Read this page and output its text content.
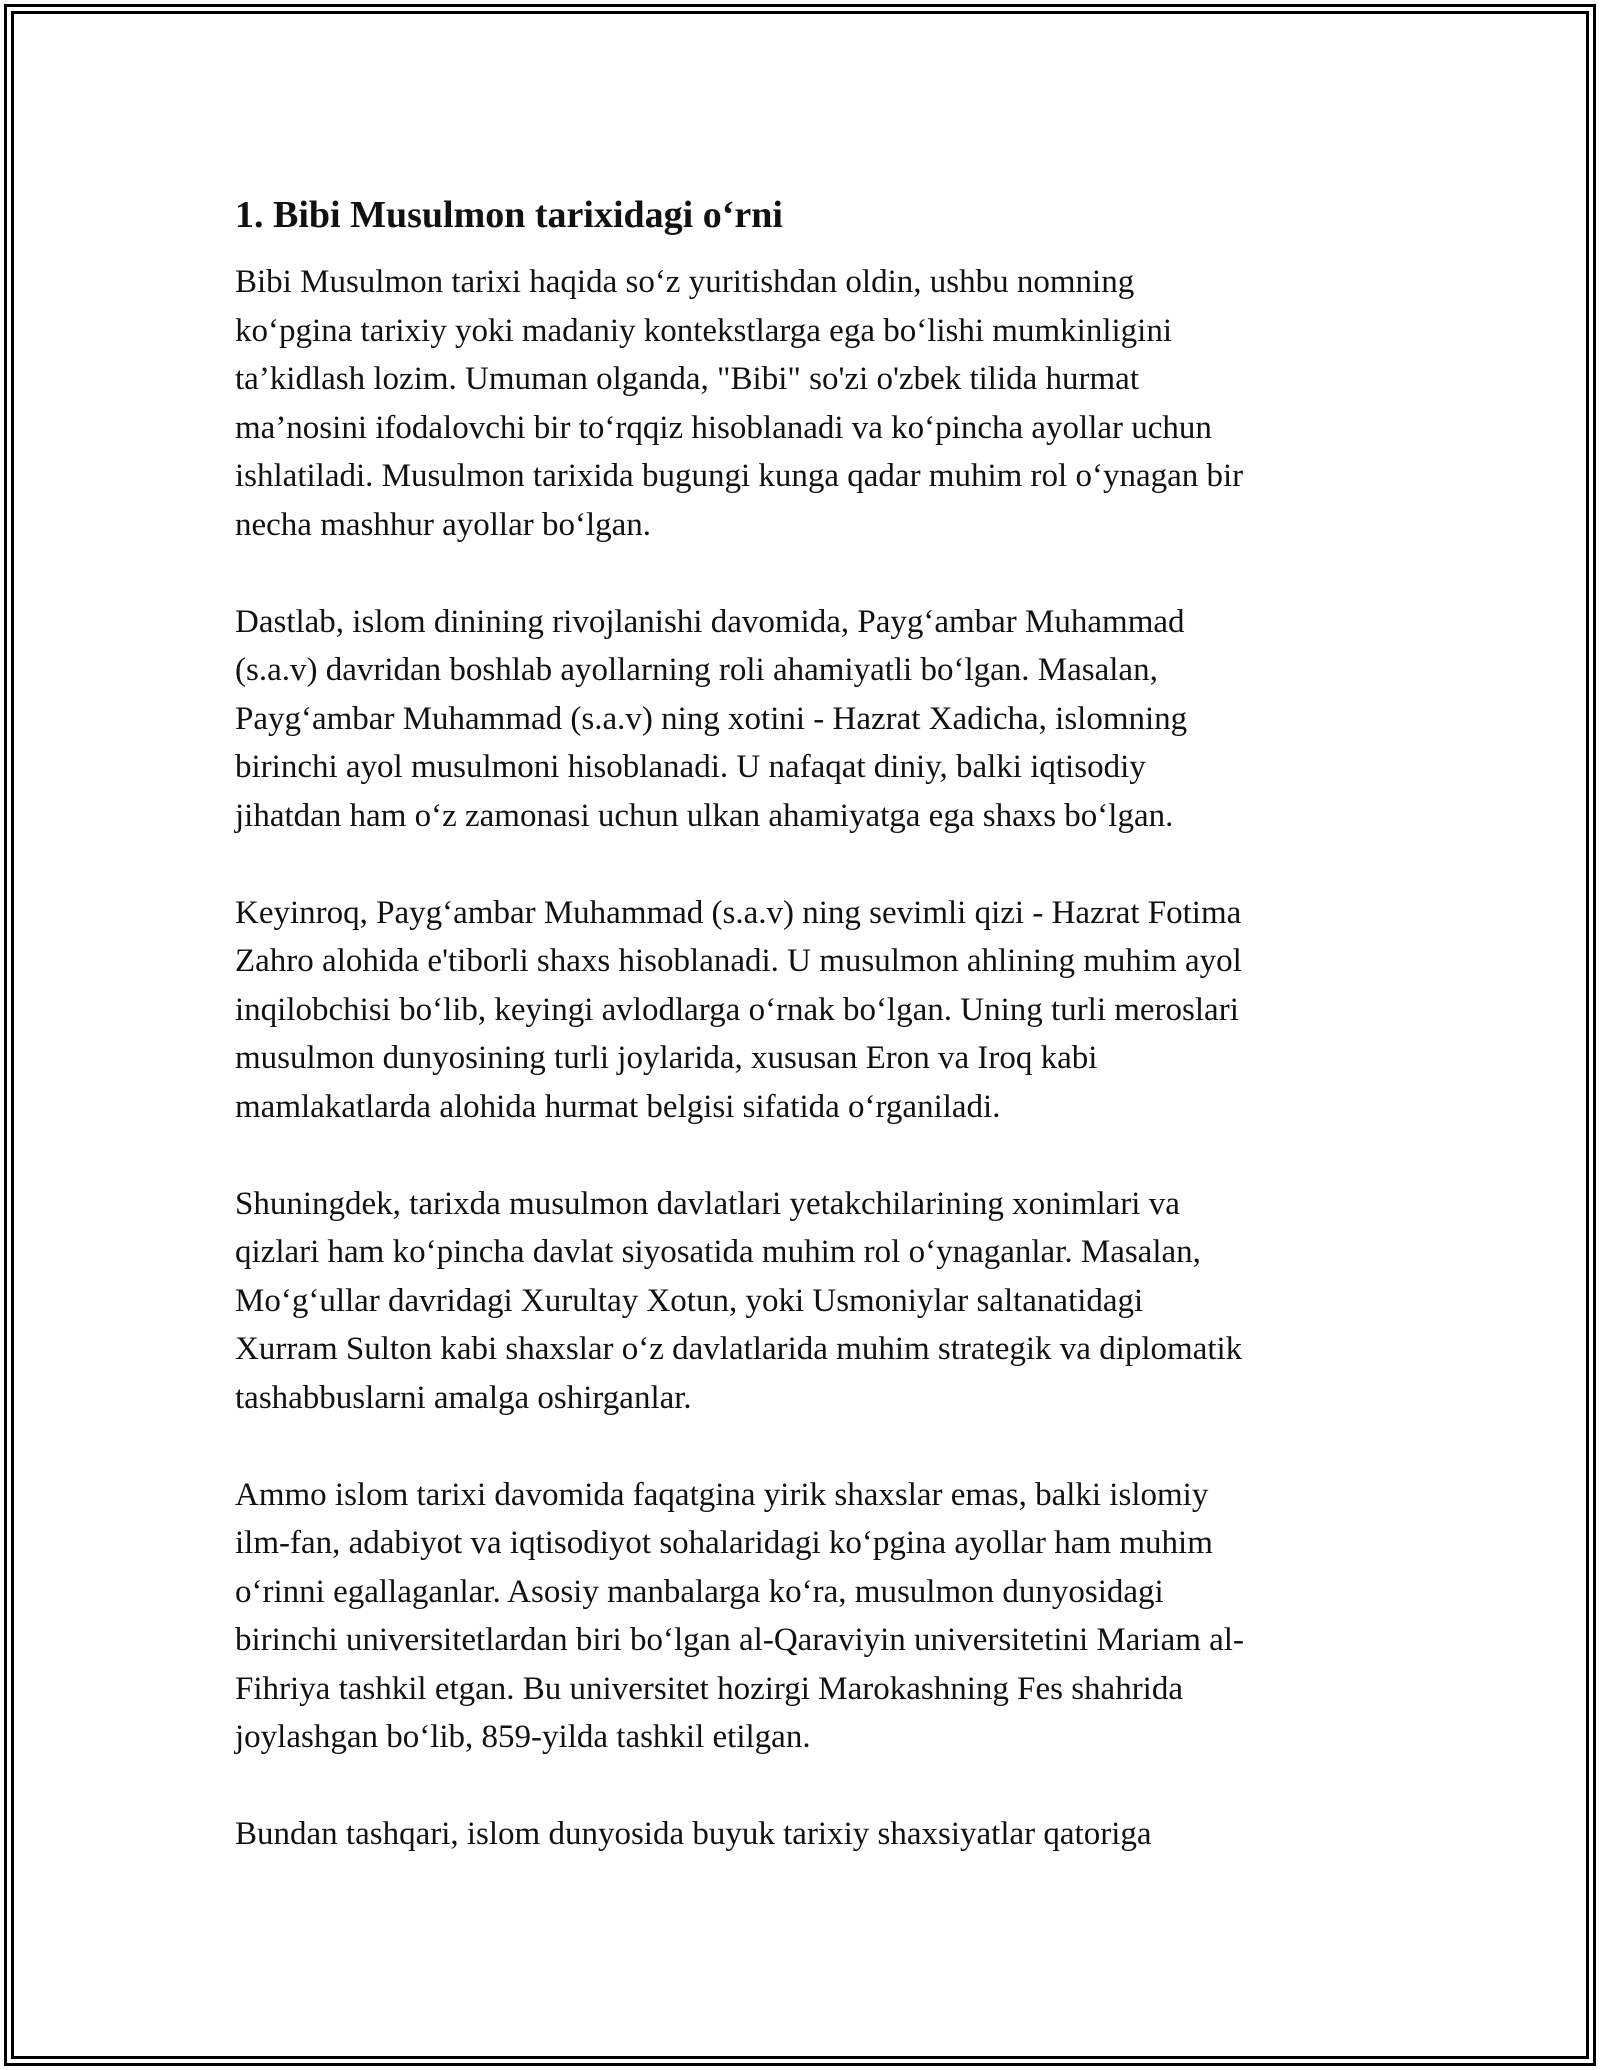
1. Bibi Musulmon tarixidagi o‘rni

Bibi Musulmon tarixi haqida so‘z yuritishdan oldin, ushbu nomning
ko‘pgina tarixiy yoki madaniy kontekstlarga ega bo‘lishi mumkinligini
ta’kidlash lozim. Umuman olganda, "Bibi" so'zi o'zbek tilida hurmat
ma’nosini ifodalovchi bir to‘rqqiz hisoblanadi va ko‘pincha ayollar uchun
ishlatiladi. Musulmon tarixida bugungi kunga qadar muhim rol o‘ynagan bir
necha mashhur ayollar bo‘lgan.

Dastlab, islom dinining rivojlanishi davomida, Payg‘ambar Muhammad
(s.a.v) davridan boshlab ayollarning roli ahamiyatli bo‘lgan. Masalan,
Payg‘ambar Muhammad (s.a.v) ning xotini - Hazrat Xadicha, islomning
birinchi ayol musulmoni hisoblanadi. U nafaqat diniy, balki iqtisodiy
jihatdan ham o‘z zamonasi uchun ulkan ahamiyatga ega shaxs bo‘lgan.

Keyinroq, Payg‘ambar Muhammad (s.a.v) ning sevimli qizi - Hazrat Fotima
Zahro alohida e'tiborli shaxs hisoblanadi. U musulmon ahlining muhim ayol
inqilobchisi bo‘lib, keyingi avlodlarga o‘rnak bo‘lgan. Uning turli meroslari
musulmon dunyosining turli joylarida, xususan Eron va Iroq kabi
mamlakatlarda alohida hurmat belgisi sifatida o‘rganiladi.

Shuningdek, tarixda musulmon davlatlari yetakchilarining xonimlari va
qizlari ham ko‘pincha davlat siyosatida muhim rol o‘ynaganlar. Masalan,
Mo‘g‘ullar davridagi Xurultay Xotun, yoki Usmoniylar saltanatidagi
Xurram Sulton kabi shaxslar o‘z davlatlarida muhim strategik va diplomatik
tashabbuslarni amalga oshirganlar.

Ammo islom tarixi davomida faqatgina yirik shaxslar emas, balki islomiy
ilm-fan, adabiyot va iqtisodiyot sohalaridagi ko‘pgina ayollar ham muhim
o‘rinni egallaganlar. Asosiy manbalarga ko‘ra, musulmon dunyosidagi
birinchi universitetlardan biri bo‘lgan al-Qaraviyin universitetini Mariam al-
Fihriya tashkil etgan. Bu universitet hozirgi Marokashning Fes shahrida
joylashgan bo‘lib, 859-yilda tashkil etilgan.

Bundan tashqari, islom dunyosida buyuk tarixiy shaxsiyatlar qatoriga
